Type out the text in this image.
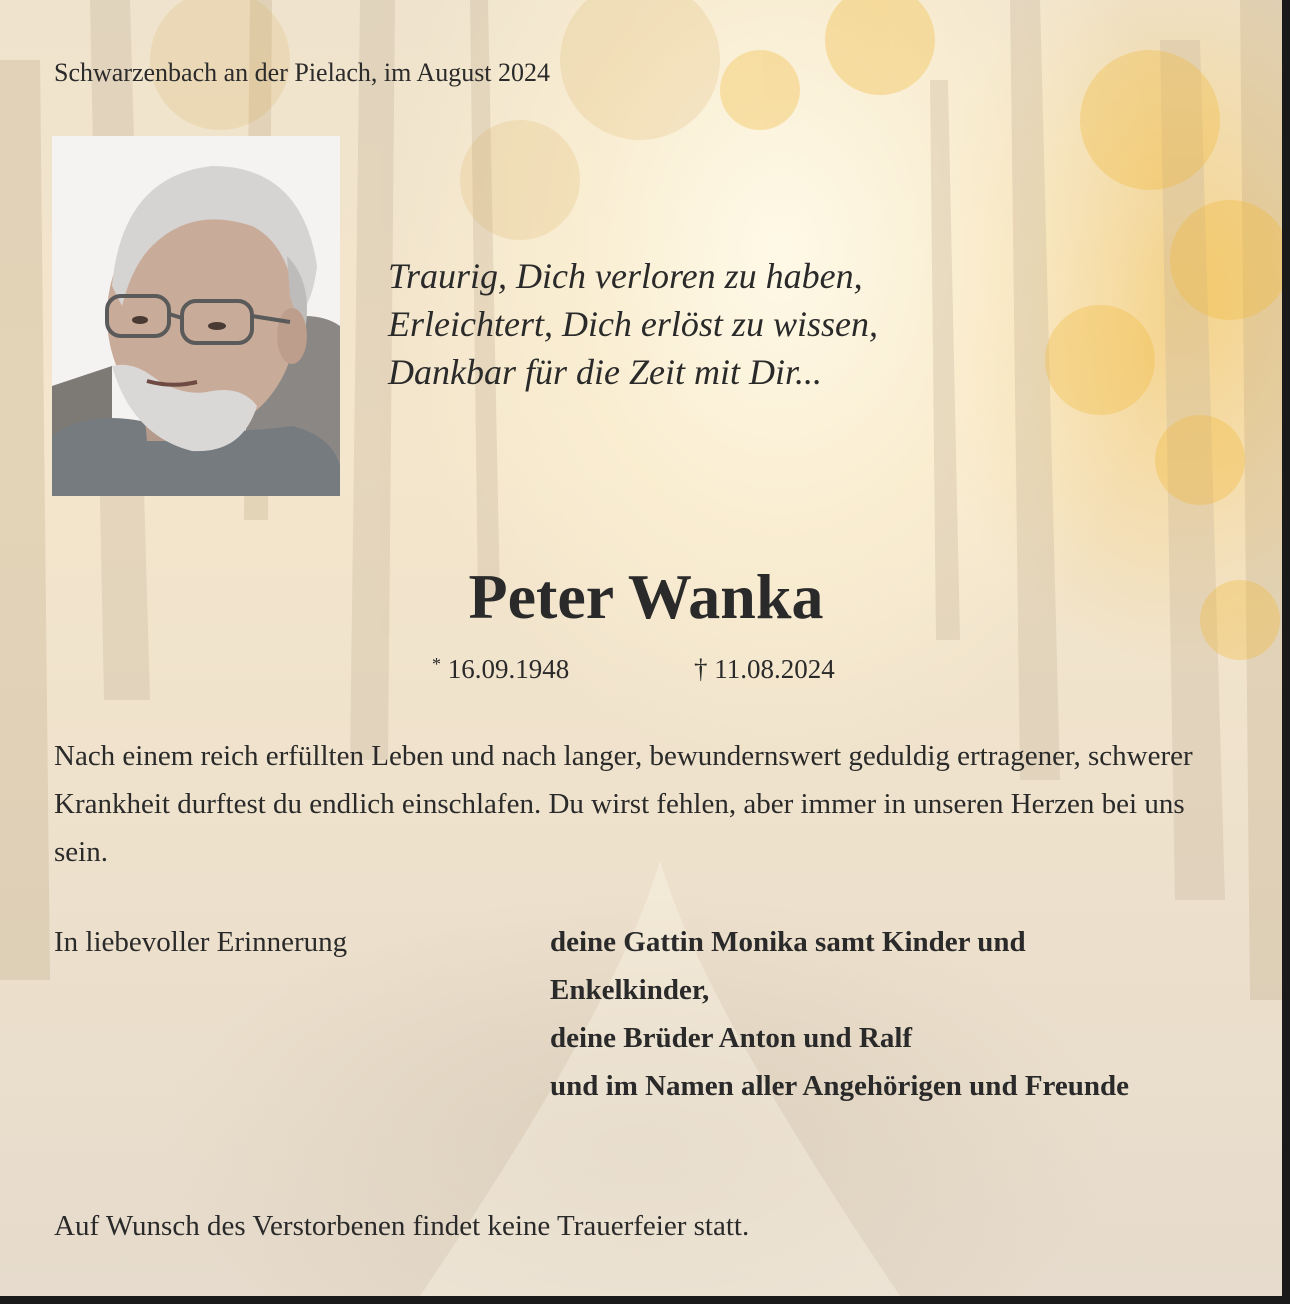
Schwarzenbach an der Pielach, im August 2024

Traurig, Dich verloren zu haben,
Erleichtert, Dich erlöst zu wissen,
Dankbar für die Zeit mit Dir...
Peter Wanka

* 16.09.1948	† 11.08.2024

Nach einem reich erfüllten Leben und nach langer, bewundernswert geduldig ertragener, schwerer Krankheit durftest du endlich einschlafen. Du wirst fehlen, aber immer in unseren Herzen bei uns sein.

In liebevoller Erinnerung	deine Gattin Monika samt Kinder und Enkelkinder,
deine Brüder Anton und Ralf
und im Namen aller Angehörigen und Freunde

Auf Wunsch des Verstorbenen findet keine Trauerfeier statt.
